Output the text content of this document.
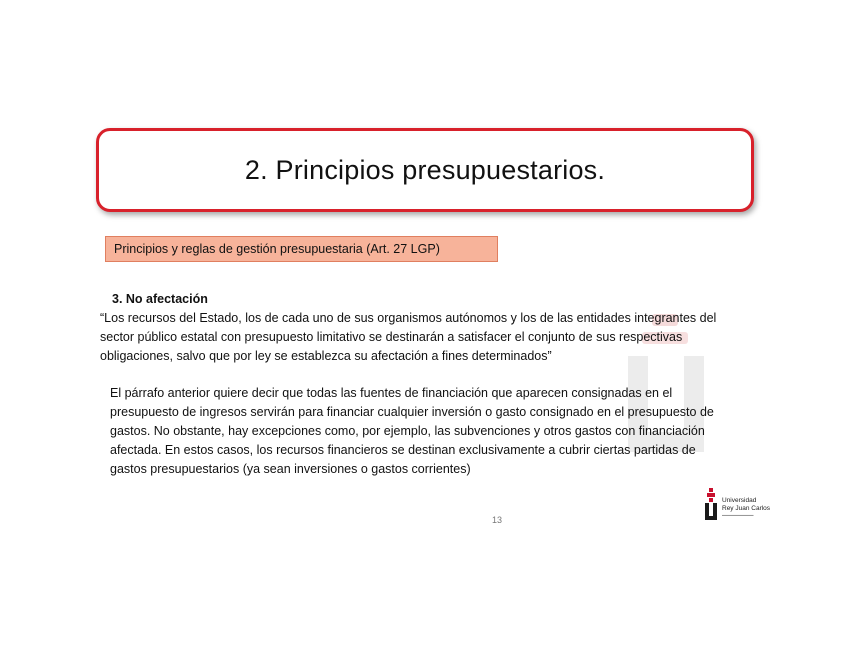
2. Principios presupuestarios.
Principios y reglas de gestión presupuestaria (Art. 27 LGP)
3. No afectación

“Los recursos del Estado, los de cada uno de sus organismos autónomos y los de las entidades integrantes del sector público estatal con presupuesto limitativo se destinarán a satisfacer el conjunto de sus respectivas obligaciones, salvo que por ley se establezca su afectación a fines determinados”

El párrafo anterior quiere decir que todas las fuentes de financiación que aparecen consignadas en el presupuesto de ingresos servirán para financiar cualquier inversión o gasto consignado en el presupuesto de gastos. No obstante, hay excepciones como, por ejemplo, las subvenciones y otros gastos con financiación afectada. En estos casos, los recursos financieros se destinan exclusivamente a cubrir ciertas partidas de gastos presupuestarios (ya sean inversiones o gastos corrientes)

13
Universidad
Rey Juan Carlos
▬▬▬▬▬▬▬▬▬
